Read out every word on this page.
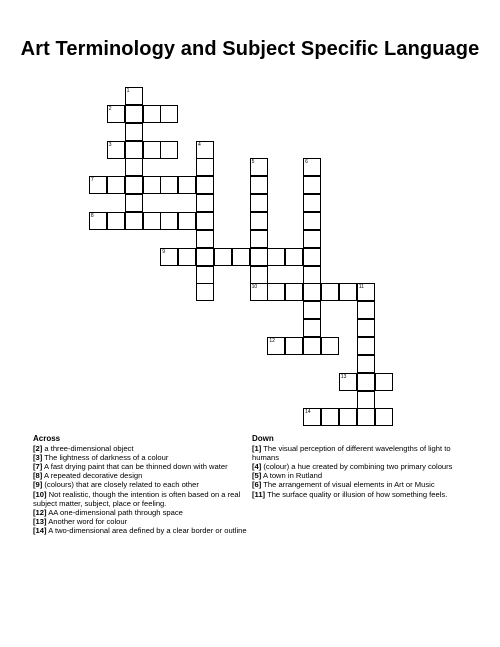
Art Terminology and Subject Specific Language
1
2
3	4
5	6
7
8
9
10	11
12
13
14
Across
[2] a three-dimensional object
[3] The lightness of darkness of a colour
[7] A fast drying paint that can be thinned down with water
[8] A repeated decorative design
[9] (colours) that are closely related to each other
[10] Not realistic, though the intention is often based on a real subject matter, subject, place or feeling.
[12] AA one-dimensional path through space
[13] Another word for colour
[14] A two-dimensional area defined by a clear border or outline
Down
[1] The visual perception of different wavelengths of light to humans
[4] (colour) a hue created by combining two primary colours
[5] A town in Rutland
[6] The arrangement of visual elements in Art or Music
[11] The surface quality or illusion of how something feels.
